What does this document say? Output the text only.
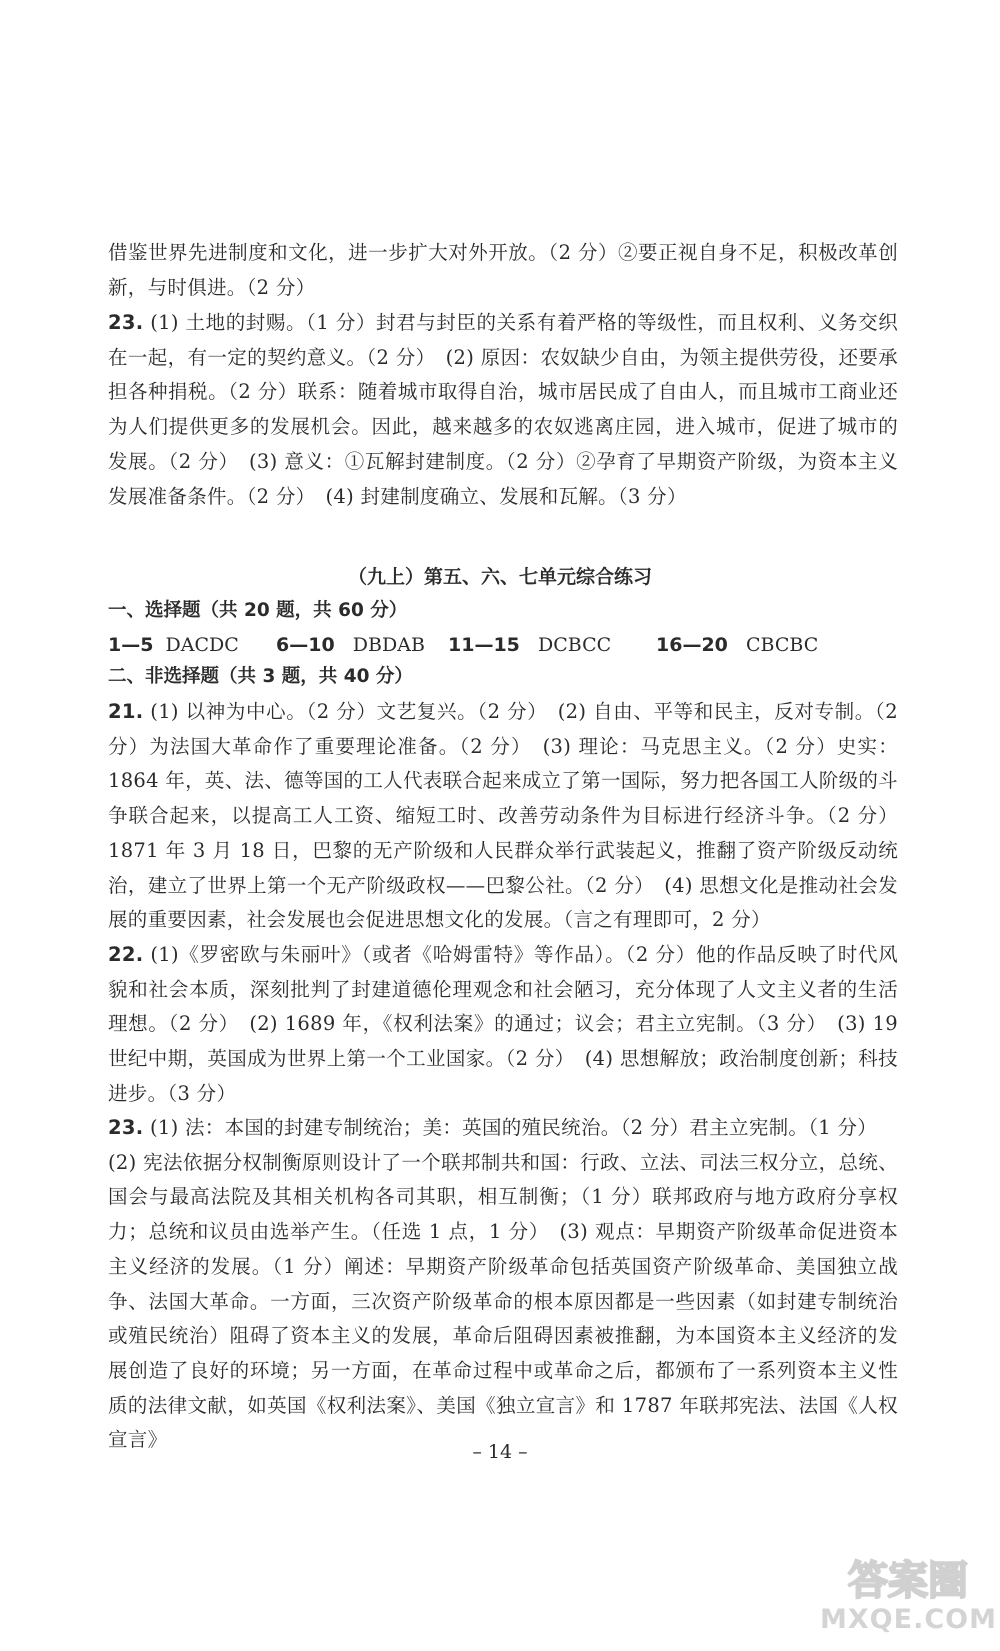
借鉴世界先进制度和文化，进一步扩大对外开放。（2 分）②要正视自身不足，积极改革创新，与时俱进。（2 分）
23. (1) 土地的封赐。（1 分）封君与封臣的关系有着严格的等级性，而且权利、义务交织在一起，有一定的契约意义。（2 分）　(2) 原因：农奴缺少自由，为领主提供劳役，还要承担各种捐税。（2 分）联系：随着城市取得自治，城市居民成了自由人，而且城市工商业还为人们提供更多的发展机会。因此，越来越多的农奴逃离庄园，进入城市，促进了城市的发展。（2 分）　(3) 意义：①瓦解封建制度。（2 分）②孕育了早期资产阶级，为资本主义发展准备条件。（2 分）　(4) 封建制度确立、发展和瓦解。（3 分）
（九上）第五、六、七单元综合练习
一、选择题（共 20 题，共 60 分）
1—5 DACDC 6—10 DBDAB 11—15 DCBCC 16—20 CBCBC
二、非选择题（共 3 题，共 40 分）
21. (1) 以神为中心。（2 分）文艺复兴。（2 分）　(2) 自由、平等和民主，反对专制。（2 分）为法国大革命作了重要理论准备。（2 分）　(3) 理论：马克思主义。（2 分）史实：1864 年，英、法、德等国的工人代表联合起来成立了第一国际，努力把各国工人阶级的斗争联合起来，以提高工人工资、缩短工时、改善劳动条件为目标进行经济斗争。（2 分）1871 年 3 月 18 日，巴黎的无产阶级和人民群众举行武装起义，推翻了资产阶级反动统治，建立了世界上第一个无产阶级政权——巴黎公社。（2 分）　(4) 思想文化是推动社会发展的重要因素，社会发展也会促进思想文化的发展。（言之有理即可，2 分）
22. (1)《罗密欧与朱丽叶》（或者《哈姆雷特》等作品）。（2 分）他的作品反映了时代风貌和社会本质，深刻批判了封建道德伦理观念和社会陋习，充分体现了人文主义者的生活理想。（2 分）　(2) 1689 年，《权利法案》的通过；议会；君主立宪制。（3 分）　(3) 19 世纪中期，英国成为世界上第一个工业国家。（2 分）　(4) 思想解放；政治制度创新；科技进步。（3 分）
23. (1) 法：本国的封建专制统治；美：英国的殖民统治。（2 分）君主立宪制。（1 分）
(2) 宪法依据分权制衡原则设计了一个联邦制共和国：行政、立法、司法三权分立，总统、国会与最高法院及其相关机构各司其职，相互制衡；（1 分）联邦政府与地方政府分享权力；总统和议员由选举产生。（任选 1 点，1 分）　(3) 观点：早期资产阶级革命促进资本主义经济的发展。（1 分）阐述：早期资产阶级革命包括英国资产阶级革命、美国独立战争、法国大革命。一方面，三次资产阶级革命的根本原因都是一些因素（如封建专制统治或殖民统治）阻碍了资本主义的发展，革命后阻碍因素被推翻，为本国资本主义经济的发展创造了良好的环境；另一方面，在革命过程中或革命之后，都颁布了一系列资本主义性质的法律文献，如英国《权利法案》、美国《独立宣言》和 1787 年联邦宪法、法国《人权宣言》
– 14 –
答案圈
MXQE.COM
